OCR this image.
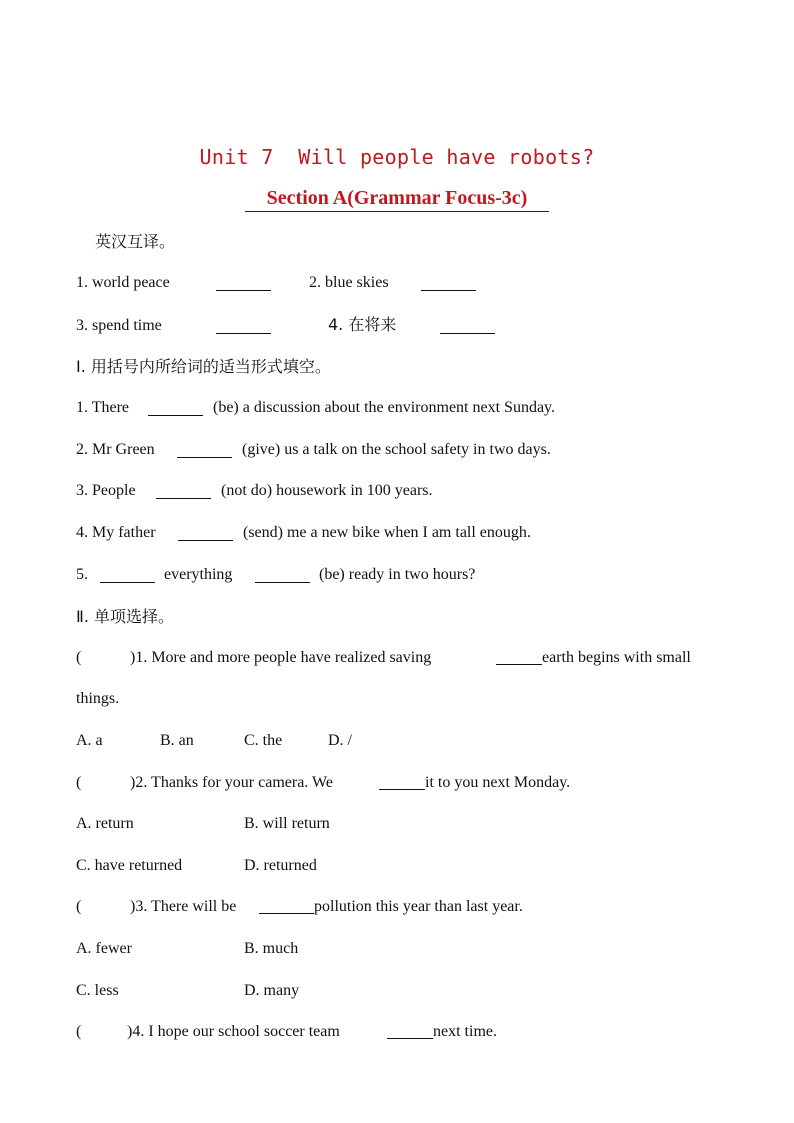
Unit 7  Will people have robots?
Section A(Grammar Focus-3c)
英汉互译。
1. world peace	2. blue skies
3. spend time	4. 在将来
Ⅰ. 用括号内所给词的适当形式填空。
1. There	(be) a discussion about the environment next Sunday.
2. Mr Green	(give) us a talk on the school safety in two days.
3. People	(not do) housework in 100 years.
4. My father	(send) me a new bike when I am tall enough.
5.	everything	(be) ready in two hours?
Ⅱ. 单项选择。
(	)1. More and more people have realized saving	earth begins with small
things.
A. a	B. an	C. the	D. /
(	)2. Thanks for your camera. We	it to you next Monday.
A. return	B. will return
C. have returned	D. returned
(	)3. There will be	pollution this year than last year.
A. fewer	B. much
C. less	D. many
(	)4. I hope our school soccer team	next time.
